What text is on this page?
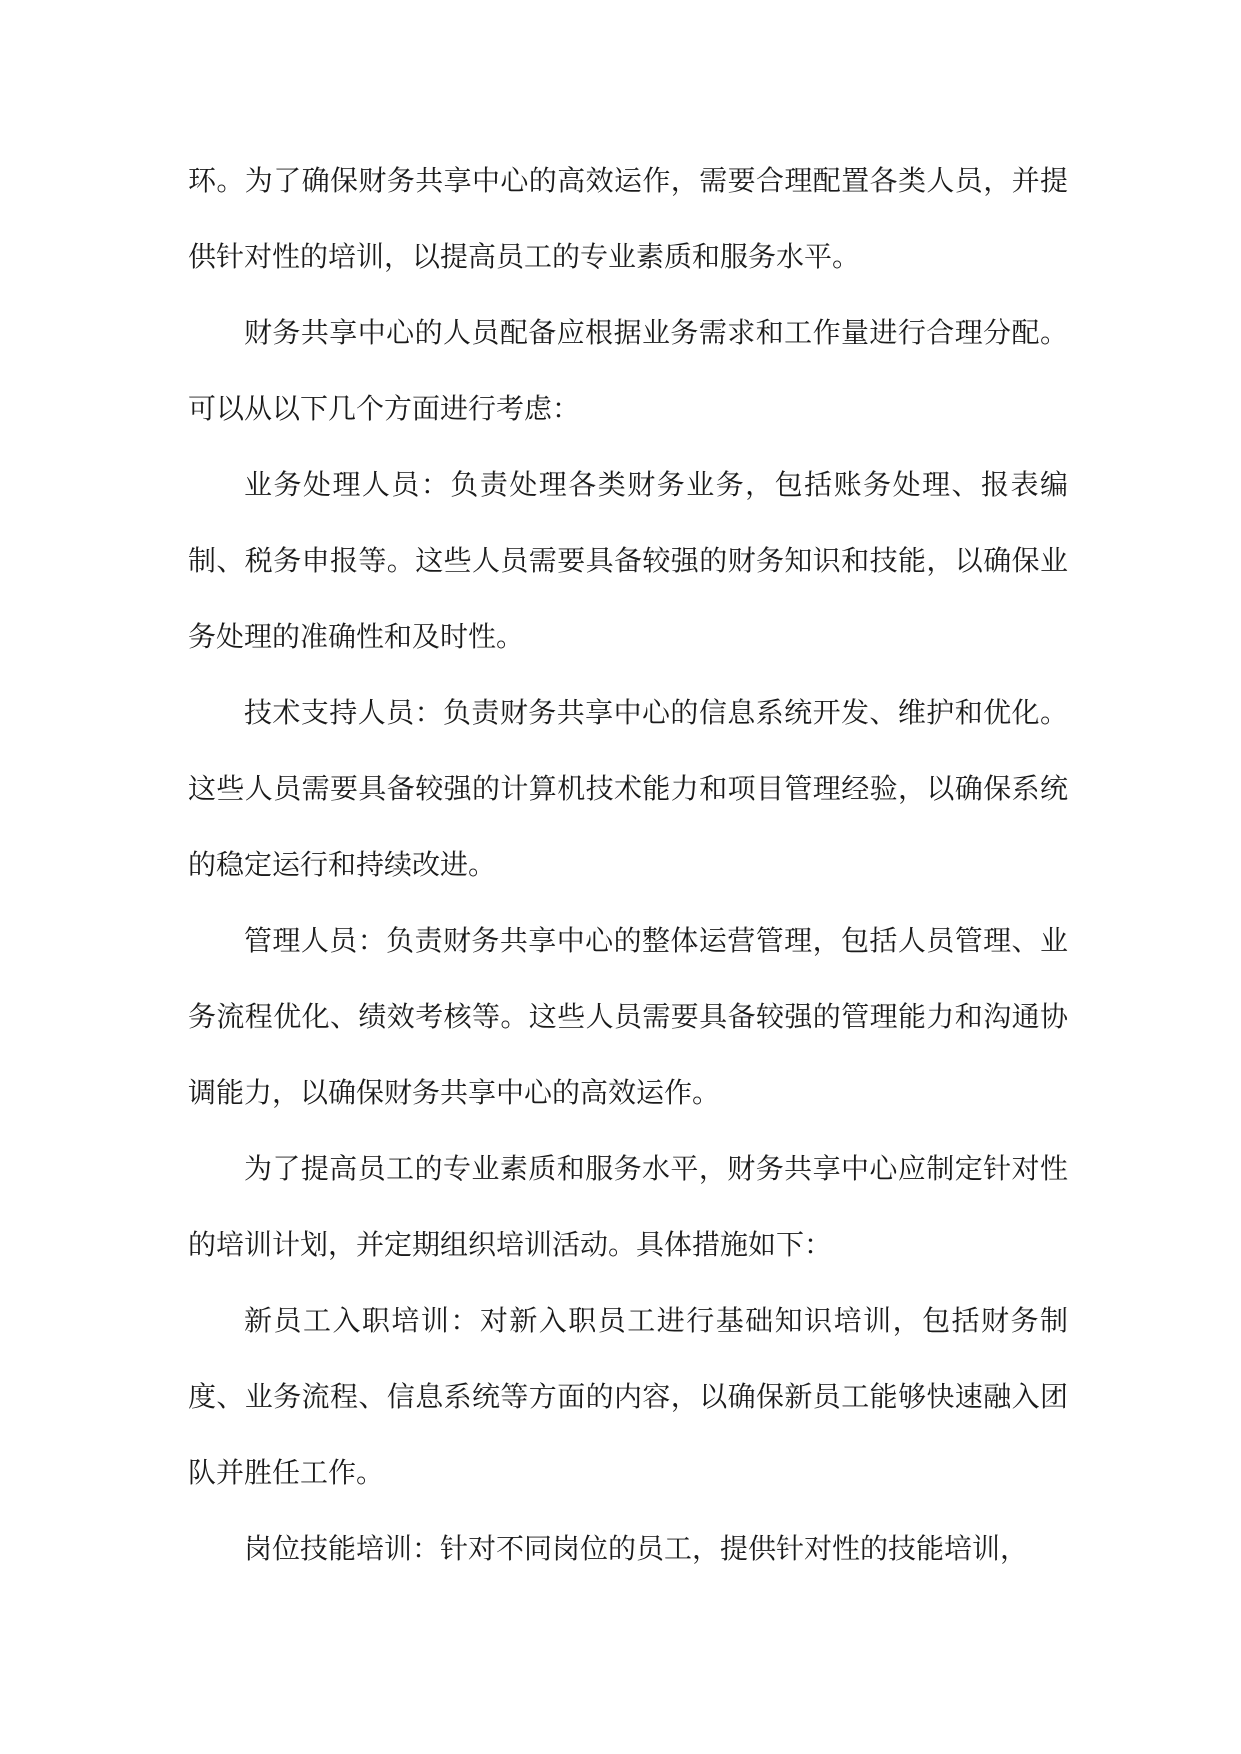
环。为了确保财务共享中心的高效运作，需要合理配置各类人员，并提供针对性的培训，以提高员工的专业素质和服务水平。

财务共享中心的人员配备应根据业务需求和工作量进行合理分配。可以从以下几个方面进行考虑：

业务处理人员：负责处理各类财务业务，包括账务处理、报表编制、税务申报等。这些人员需要具备较强的财务知识和技能，以确保业务处理的准确性和及时性。

技术支持人员：负责财务共享中心的信息系统开发、维护和优化。这些人员需要具备较强的计算机技术能力和项目管理经验，以确保系统的稳定运行和持续改进。

管理人员：负责财务共享中心的整体运营管理，包括人员管理、业务流程优化、绩效考核等。这些人员需要具备较强的管理能力和沟通协调能力，以确保财务共享中心的高效运作。

为了提高员工的专业素质和服务水平，财务共享中心应制定针对性的培训计划，并定期组织培训活动。具体措施如下：

新员工入职培训：对新入职员工进行基础知识培训，包括财务制度、业务流程、信息系统等方面的内容，以确保新员工能够快速融入团队并胜任工作。

岗位技能培训：针对不同岗位的员工，提供针对性的技能培训，
